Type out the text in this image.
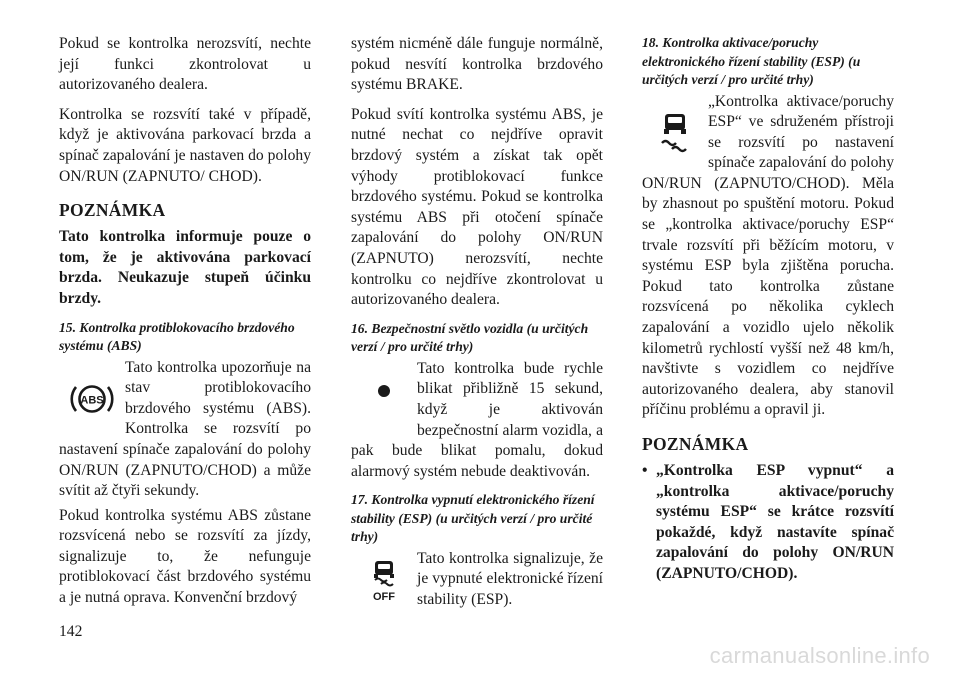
Pokud se kontrolka nerozsvítí, nechte její funkci zkontrolovat u autorizovaného dealera.

Kontrolka se rozsvítí také v případě, když je aktivována parkovací brzda a spínač zapalování je nastaven do polohy ON/RUN (ZAPNUTO/ CHOD).

POZNÁMKA

Tato kontrolka informuje pouze o tom, že je aktivována parkovací brzda. Neukazuje stupeň účinku brzdy.

15. Kontrolka protiblokovacího brzdového systému (ABS)

ABS

Tato kontrolka upozorňuje na stav protiblokovacího brzdového systému (ABS). Kontrolka se rozsvítí po nastavení spínače zapalování do polohy ON/RUN (ZAPNUTO/CHOD) a může svítit až čtyři sekundy.

Pokud kontrolka systému ABS zůstane rozsvícená nebo se rozsvítí za jízdy, signalizuje to, že nefunguje protiblokovací část brzdového systému a je nutná oprava. Konvenční brzdový

systém nicméně dále funguje normálně, pokud nesvítí kontrolka brzdového systému BRAKE.

Pokud svítí kontrolka systému ABS, je nutné nechat co nejdříve opravit brzdový systém a získat tak opět výhody protiblokovací funkce brzdového systému. Pokud se kontrolka systému ABS při otočení spínače zapalování do polohy ON/RUN (ZAPNUTO) nerozsvítí, nechte kontrolku co nejdříve zkontrolovat u autorizovaného dealera.

16. Bezpečnostní světlo vozidla (u určitých verzí / pro určité trhy)

Tato kontrolka bude rychle blikat přibližně 15 sekund, když je aktivován bezpečnostní alarm vozidla, a pak bude blikat pomalu, dokud alarmový systém nebude deaktivován.

17. Kontrolka vypnutí elektronického řízení stability (ESP) (u určitých verzí / pro určité trhy)

OFF

Tato kontrolka signalizuje, že je vypnuté elektronické řízení stability (ESP).

18. Kontrolka aktivace/poruchy elektronického řízení stability (ESP) (u určitých verzí / pro určité trhy)

„Kontrolka aktivace/poruchy ESP“ ve sdruženém přístroji se rozsvítí po nastavení spínače zapalování do polohy ON/RUN (ZAPNUTO/CHOD). Měla by zhasnout po spuštění motoru. Pokud se „kontrolka aktivace/poruchy ESP“ trvale rozsvítí při běžícím motoru, v systému ESP byla zjištěna porucha. Pokud tato kontrolka zůstane rozsvícená po několika cyklech zapalování a vozidlo ujelo několik kilometrů rychlostí vyšší než 48 km/h, navštivte s vozidlem co nejdříve autorizovaného dealera, aby stanovil příčinu problému a opravil ji.

POZNÁMKA
• „Kontrolka ESP vypnut“ a „kontrolka aktivace/poruchy systému ESP“ se krátce rozsvítí pokaždé, když nastavíte spínač zapalování do polohy ON/RUN (ZAPNUTO/CHOD).
142
carmanualsonline.info
